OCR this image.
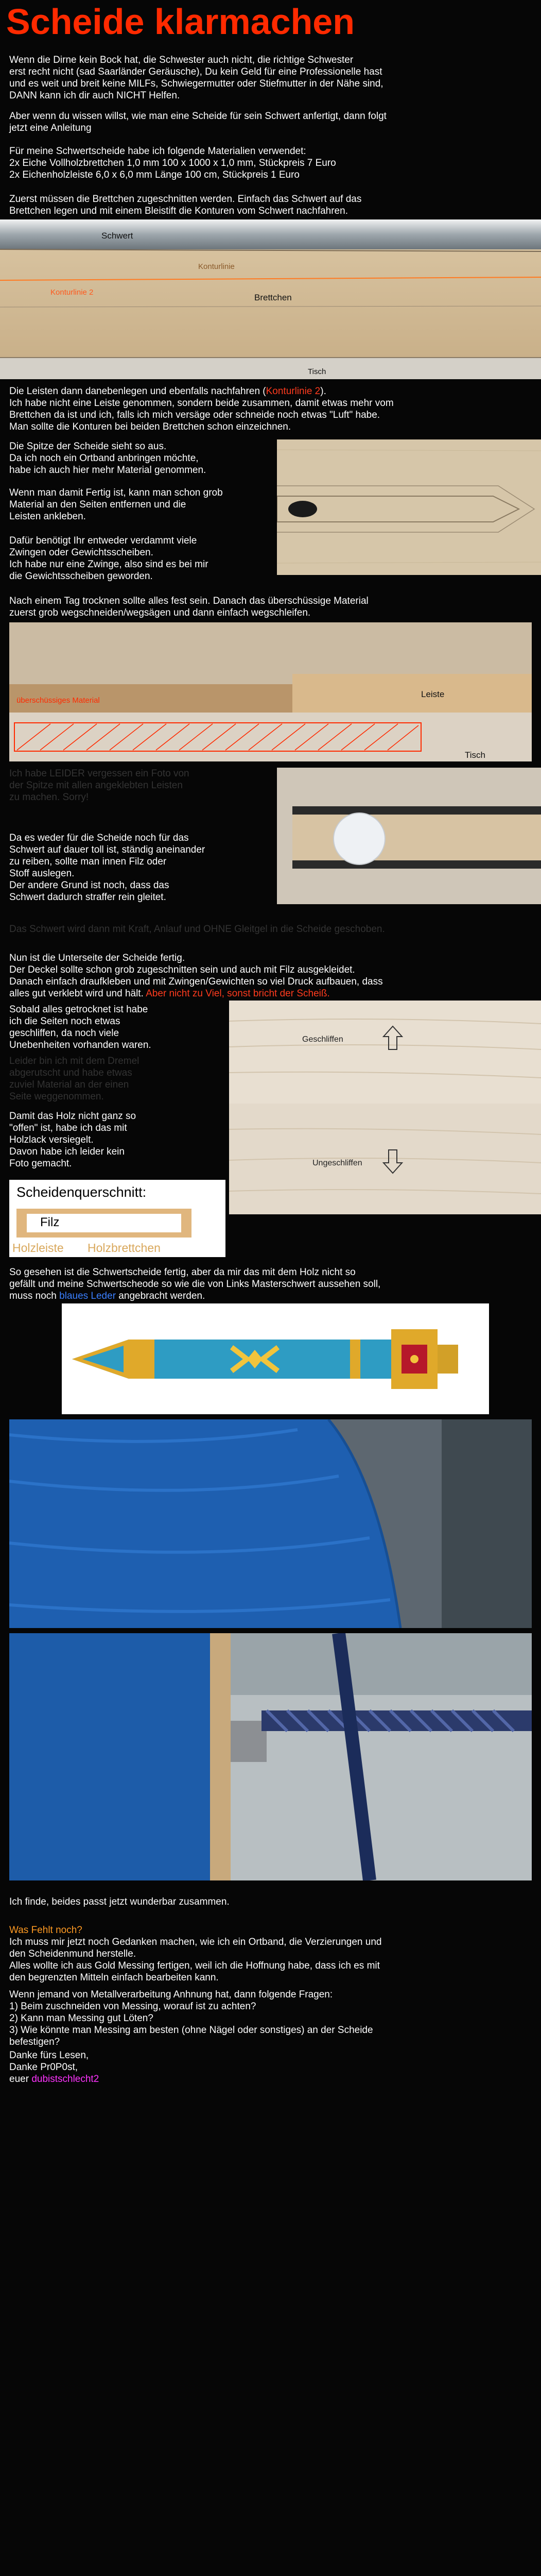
Scheide klarmachen

Wenn die Dirne kein Bock hat, die Schwester auch nicht, die richtige Schwester
erst recht nicht (sad Saarländer Geräusche), Du kein Geld für eine Professionelle hast
und es weit und breit keine MILFs, Schwiegermutter oder Stiefmutter in der Nähe sind,
DANN kann ich dir auch NICHT Helfen.

Aber wenn du wissen willst, wie man eine Scheide für sein Schwert anfertigt, dann folgt
jetzt eine Anleitung

Für meine Schwertscheide habe ich folgende Materialien verwendet:
2x Eiche Vollholzbrettchen 1,0 mm 100 x 1000 x 1,0 mm, Stückpreis 7 Euro
2x Eichenholzleiste 6,0 x 6,0 mm Länge 100 cm, Stückpreis 1 Euro

Zuerst müssen die Brettchen zugeschnitten werden. Einfach das Schwert auf das
Brettchen legen und mit einem Bleistift die Konturen vom Schwert nachfahren.

Schwert
Konturlinie
Konturlinie 2
Brettchen
Tisch

Die Leisten dann danebenlegen und ebenfalls nachfahren (Konturlinie 2).

Ich habe nicht eine Leiste genommen, sondern beide zusammen, damit etwas mehr vom
Brettchen da ist und ich, falls ich mich versäge oder schneide noch etwas "Luft" habe.
Man sollte die Konturen bei beiden Brettchen schon einzeichnen.

Die Spitze der Scheide sieht so aus.
Da ich noch ein Ortband anbringen möchte,
habe ich auch hier mehr Material genommen.

Wenn man damit Fertig ist, kann man schon grob
Material an den Seiten entfernen und die
Leisten ankleben.

Dafür benötigt Ihr entweder verdammt viele
Zwingen oder Gewichtsscheiben.
Ich habe nur eine Zwinge, also sind es bei mir
die Gewichtsscheiben geworden.

Nach einem Tag trocknen sollte alles fest sein. Danach das überschüssige Material
zuerst grob wegschneiden/wegsägen und dann einfach wegschleifen.

überschüssiges Material
Leiste
Tisch

Ich habe LEIDER vergessen ein Foto von
der Spitze mit allen angeklebten Leisten
zu machen. Sorry!

Da es weder für die Scheide noch für das
Schwert auf dauer toll ist, ständig aneinander
zu reiben, sollte man innen Filz oder
Stoff auslegen.
Der andere Grund ist noch, dass das
Schwert dadurch straffer rein gleitet.

Das Schwert wird dann mit Kraft, Anlauf und OHNE Gleitgel in die Scheide geschoben.

Nun ist die Unterseite der Scheide fertig.
Der Deckel sollte schon grob zugeschnitten sein und auch mit Filz ausgekleidet.
Danach einfach draufkleben und mit Zwingen/Gewichten so viel Druck aufbauen, dass
alles gut verklebt wird und hält. Aber nicht zu Viel, sonst bricht der Scheiß.

Sobald alles getrocknet ist habe
ich die Seiten noch etwas
geschliffen, da noch viele
Unebenheiten vorhanden waren.

Leider bin ich mit dem Dremel
abgerutscht und habe etwas
zuviel Material an der einen
Seite weggenommen.

Damit das Holz nicht ganz so
"offen" ist, habe ich das mit
Holzlack versiegelt.
Davon habe ich leider kein
Foto gemacht.

Geschliffen
Ungeschliffen
Scheidenquerschnitt:
Filz
Holzleiste Holzbrettchen

So gesehen ist die Schwertscheide fertig, aber da mir das mit dem Holz nicht so
gefällt und meine Schwertscheode so wie die von Links Masterschwert aussehen soll,
muss noch blaues Leder angebracht werden.

Ich finde, beides passt jetzt wunderbar zusammen.

Was Fehlt noch?

Ich muss mir jetzt noch Gedanken machen, wie ich ein Ortband, die Verzierungen und
den Scheidenmund herstelle.
Alles wollte ich aus Gold Messing fertigen, weil ich die Hoffnung habe, dass ich es mit
den begrenzten Mitteln einfach bearbeiten kann.

Wenn jemand von Metallverarbeitung Anhnung hat, dann folgende Fragen:
1) Beim zuschneiden von Messing, worauf ist zu achten?
2) Kann man Messing gut Löten?
3) Wie könnte man Messing am besten (ohne Nägel oder sonstiges) an der Scheide
befestigen?

Danke fürs Lesen,
Danke Pr0P0st,
euer dubistschlecht2
